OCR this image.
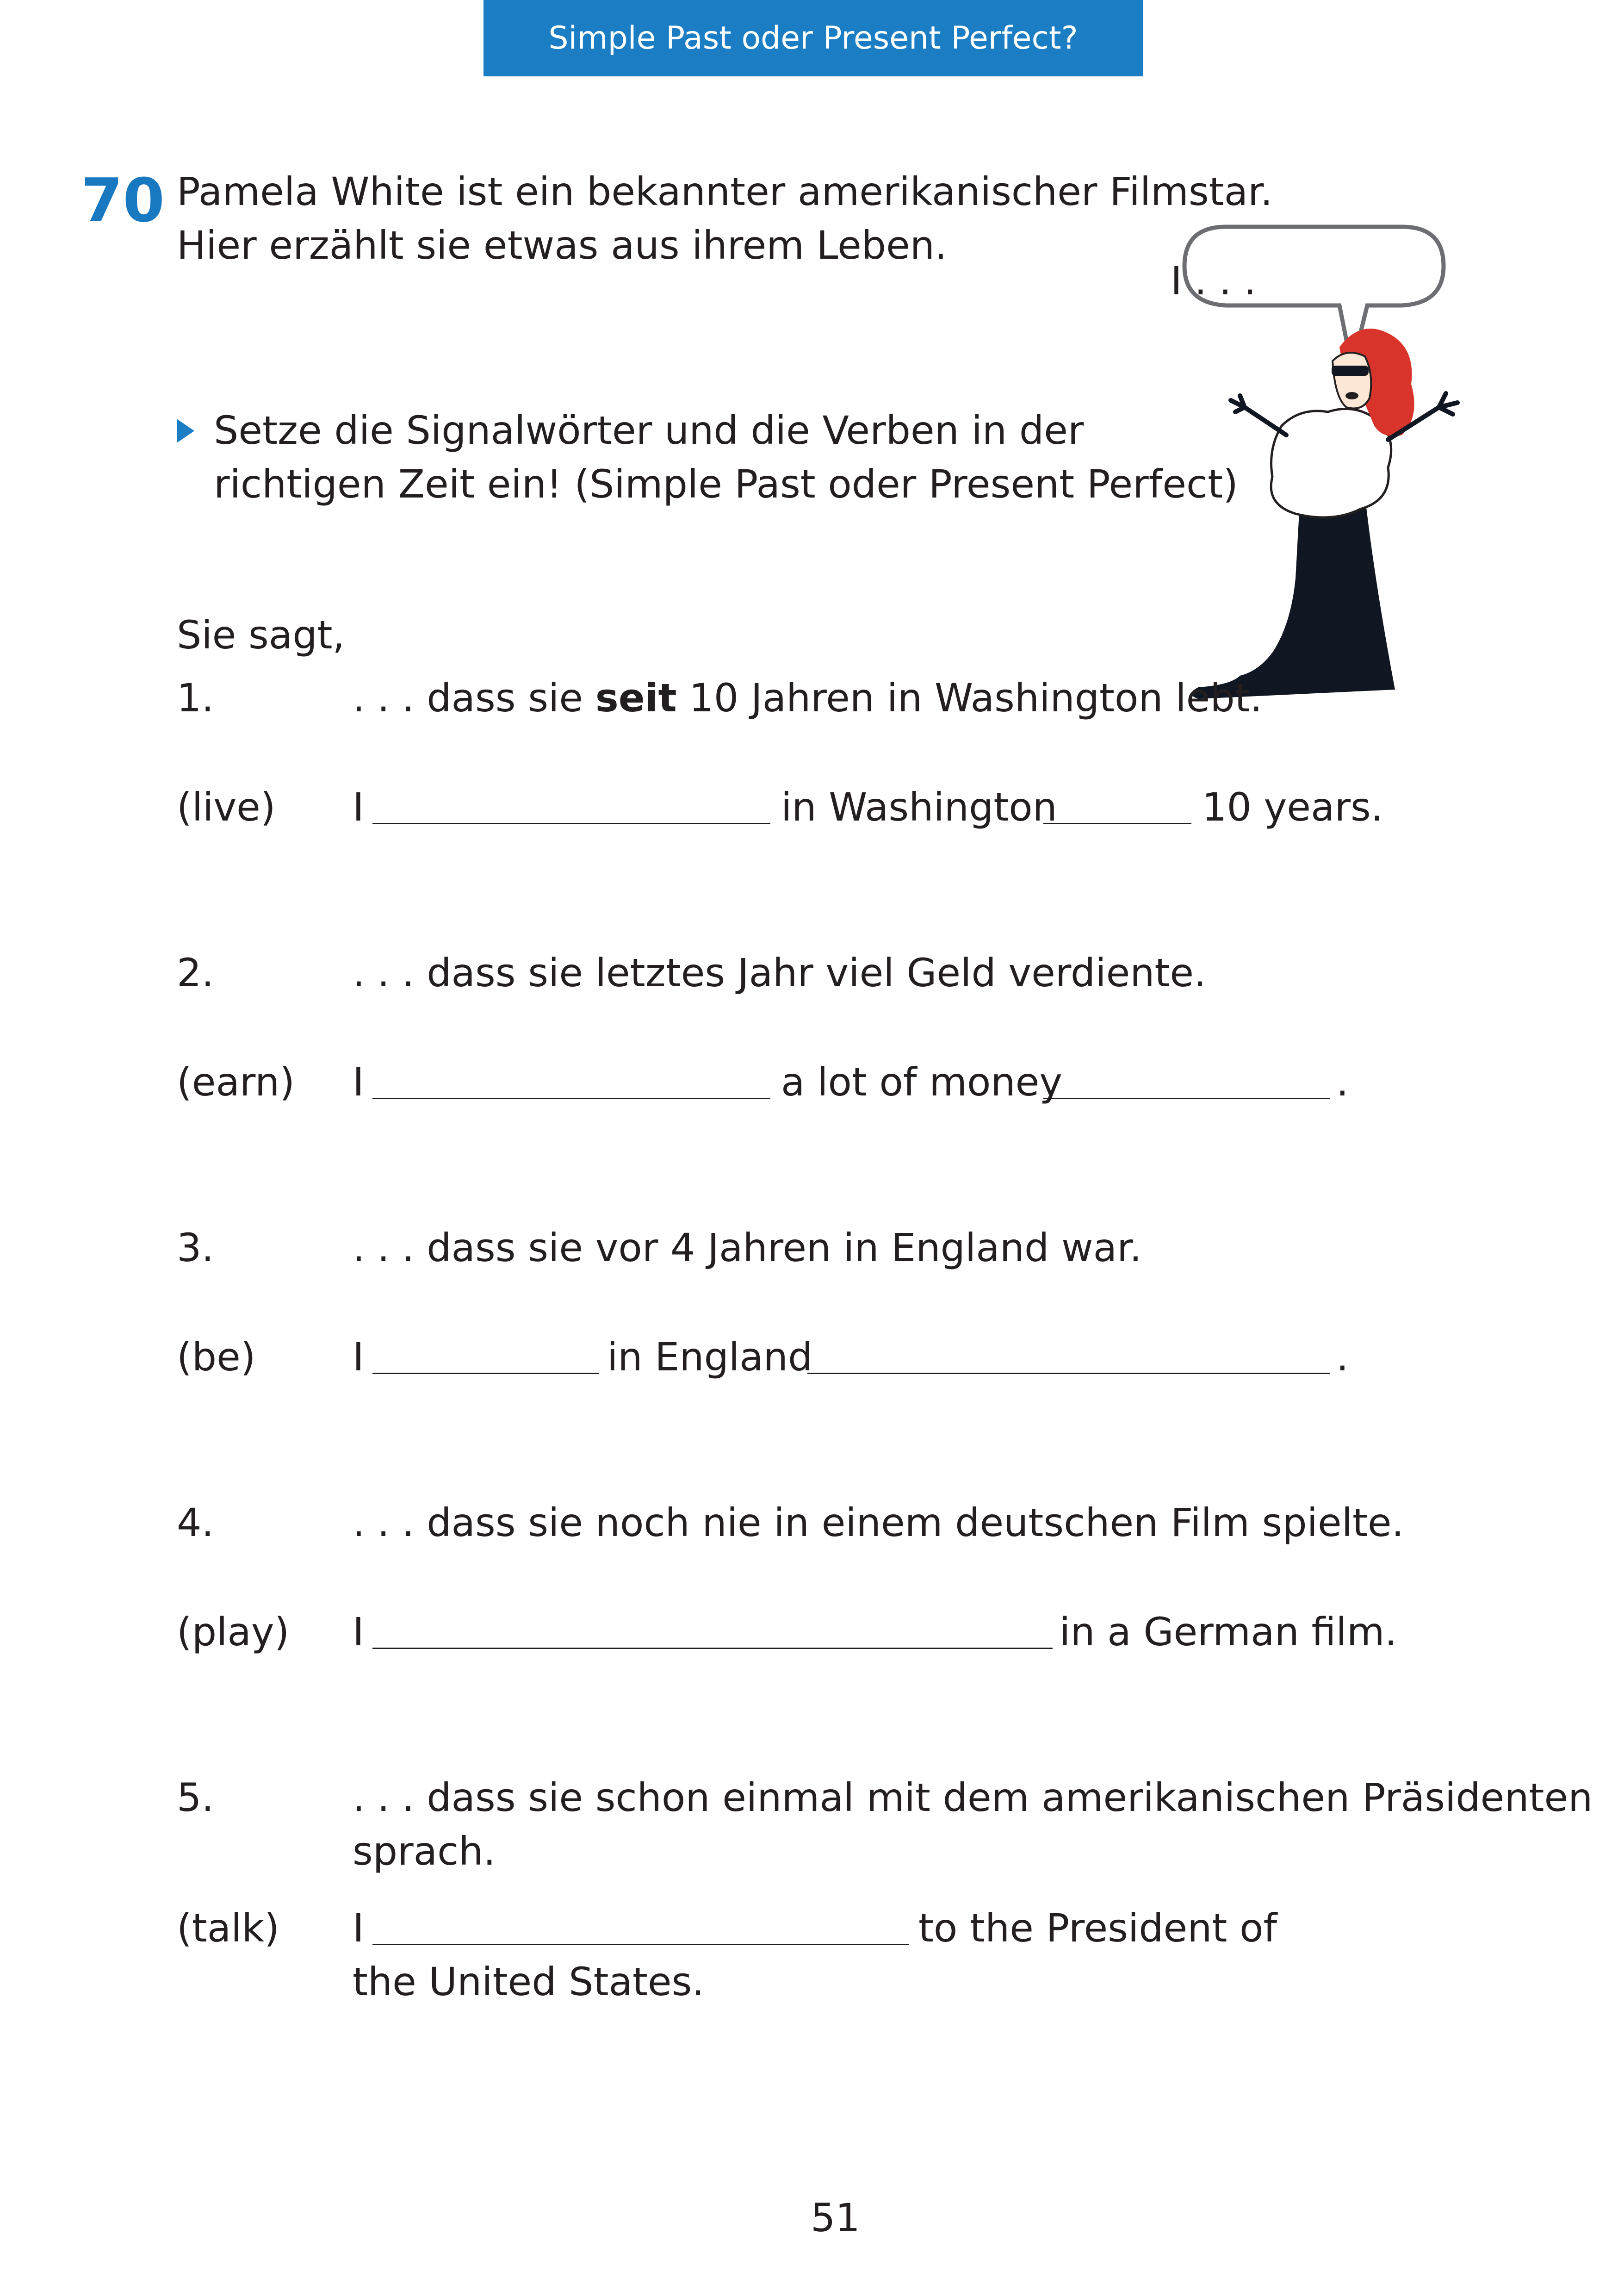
Simple Past oder Present Perfect?
70 Pamela White ist ein bekannter amerikanischer Filmstar.
Hier erzählt sie etwas aus ihrem Leben.
I . . .
Setze die Signalwörter und die Verben in der
richtigen Zeit ein! (Simple Past oder Present Perfect)
Sie sagt,
1.	. . . dass sie seit 10 Jahren in Washington lebt.
(live) I	in Washington	10 years.
2.	. . . dass sie letztes Jahr viel Geld verdiente.
(earn) I	a lot of money	.
3.	. . . dass sie vor 4 Jahren in England war.
(be) I	in England	.
4.	. . . dass sie noch nie in einem deutschen Film spielte.
(play) I	in a German film.
5.	. . . dass sie schon einmal mit dem amerikanischen Präsidenten
sprach.
(talk) I	to the President of
the United States.
51
